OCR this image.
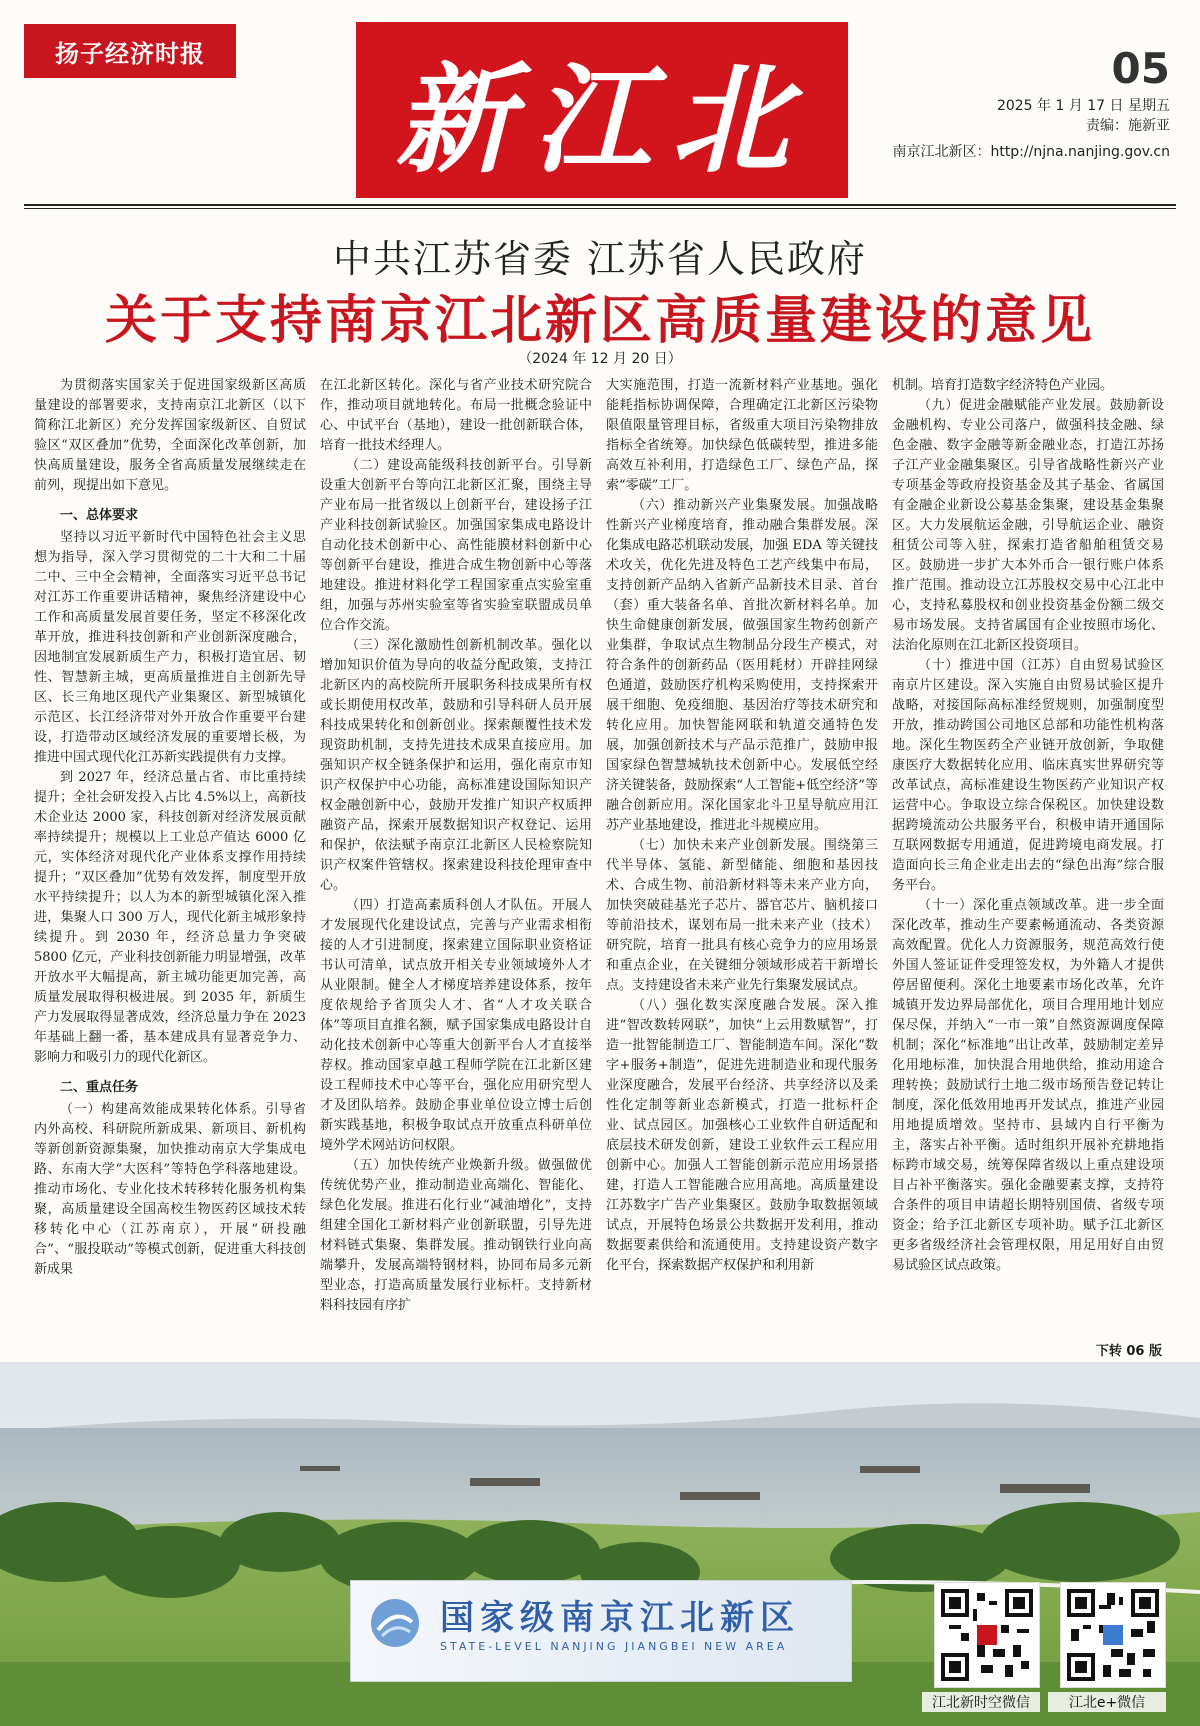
扬子经济时报	新江北	05
2025 年 1 月 17 日 星期五
责编：施新亚
南京江北新区：http://njna.nanjing.gov.cn
中共江苏省委 江苏省人民政府
关于支持南京江北新区高质量建设的意见
（2024 年 12 月 20 日）

为贯彻落实国家关于促进国家级新区高质量建设的部署要求，支持南京江北新区（以下简称江北新区）充分发挥国家级新区、自贸试验区“双区叠加”优势，全面深化改革创新，加快高质量建设，服务全省高质量发展继续走在前列，现提出如下意见。

一、总体要求

坚持以习近平新时代中国特色社会主义思想为指导，深入学习贯彻党的二十大和二十届二中、三中全会精神，全面落实习近平总书记对江苏工作重要讲话精神，聚焦经济建设中心工作和高质量发展首要任务，坚定不移深化改革开放，推进科技创新和产业创新深度融合，因地制宜发展新质生产力，积极打造宜居、韧性、智慧新主城，更高质量推进自主创新先导区、长三角地区现代产业集聚区、新型城镇化示范区、长江经济带对外开放合作重要平台建设，打造带动区域经济发展的重要增长极，为推进中国式现代化江苏新实践提供有力支撑。

到 2027 年，经济总量占省、市比重持续提升；全社会研发投入占比 4.5%以上，高新技术企业达 2000 家，科技创新对经济发展贡献率持续提升；规模以上工业总产值达 6000 亿元，实体经济对现代化产业体系支撑作用持续提升；“双区叠加”优势有效发挥，制度型开放水平持续提升；以人为本的新型城镇化深入推进，集聚人口 300 万人，现代化新主城形象持续提升。到 2030 年，经济总量力争突破 5800 亿元，产业科技创新能力明显增强，改革开放水平大幅提高，新主城功能更加完善，高质量发展取得积极进展。到 2035 年，新质生产力发展取得显著成效，经济总量力争在 2023 年基础上翻一番，基本建成具有显著竞争力、影响力和吸引力的现代化新区。

二、重点任务

（一）构建高效能成果转化体系。引导省内外高校、科研院所新成果、新项目、新机构等新创新资源集聚，加快推动南京大学集成电路、东南大学“大医科”等特色学科落地建设。推动市场化、专业化技术转移转化服务机构集聚，高质量建设全国高校生物医药区域技术转移转化中心（江苏南京），开展“研投融合”、“服投联动”等模式创新，促进重大科技创新成果

在江北新区转化。深化与省产业技术研究院合作，推动项目就地转化。布局一批概念验证中心、中试平台（基地），建设一批创新联合体，培育一批技术经理人。

（二）建设高能级科技创新平台。引导新设重大创新平台等向江北新区汇聚，围绕主导产业布局一批省级以上创新平台，建设扬子江产业科技创新试验区。加强国家集成电路设计自动化技术创新中心、高性能膜材料创新中心等创新平台建设，推进合成生物创新中心等落地建设。推进材料化学工程国家重点实验室重组，加强与苏州实验室等省实验室联盟成员单位合作交流。

（三）深化激励性创新机制改革。强化以增加知识价值为导向的收益分配政策，支持江北新区内的高校院所开展职务科技成果所有权或长期使用权改革，鼓励和引导科研人员开展科技成果转化和创新创业。探索颠覆性技术发现资助机制，支持先进技术成果直接应用。加强知识产权全链条保护和运用，强化南京市知识产权保护中心功能，高标准建设国际知识产权金融创新中心，鼓励开发推广知识产权质押融资产品，探索开展数据知识产权登记、运用和保护，依法赋予南京江北新区人民检察院知识产权案件管辖权。探索建设科技伦理审查中心。

（四）打造高素质科创人才队伍。开展人才发展现代化建设试点，完善与产业需求相衔接的人才引进制度，探索建立国际职业资格证书认可清单，试点放开相关专业领域境外人才从业限制。健全人才梯度培养建设体系，按年度依规给予省顶尖人才、省“人才攻关联合体”等项目直推名额，赋予国家集成电路设计自动化技术创新中心等重大创新平台人才直接举荐权。推动国家卓越工程师学院在江北新区建设工程师技术中心等平台，强化应用研究型人才及团队培养。鼓励企事业单位设立博士后创新实践基地，积极争取试点开放重点科研单位境外学术网站访问权限。

（五）加快传统产业焕新升级。做强做优传统优势产业，推动制造业高端化、智能化、绿色化发展。推进石化行业“减油增化”，支持组建全国化工新材料产业创新联盟，引导先进材料链式集聚、集群发展。推动钢铁行业向高端攀升，发展高端特钢材料，协同布局多元新型业态，打造高质量发展行业标杆。支持新材料科技园有序扩

大实施范围，打造一流新材料产业基地。强化能耗指标协调保障，合理确定江北新区污染物限值限量管理目标，省级重大项目污染物排放指标全省统筹。加快绿色低碳转型，推进多能高效互补利用，打造绿色工厂、绿色产品，探索“零碳”工厂。

（六）推动新兴产业集聚发展。加强战略性新兴产业梯度培育，推动融合集群发展。深化集成电路芯机联动发展，加强 EDA 等关键技术攻关，优化先进及特色工艺产线集中布局，支持创新产品纳入省新产品新技术目录、首台（套）重大装备名单、首批次新材料名单。加快生命健康创新发展，做强国家生物药创新产业集群，争取试点生物制品分段生产模式，对符合条件的创新药品（医用耗材）开辟挂网绿色通道，鼓励医疗机构采购使用，支持探索开展干细胞、免疫细胞、基因治疗等技术研究和转化应用。加快智能网联和轨道交通特色发展，加强创新技术与产品示范推广，鼓励申报国家绿色智慧城轨技术创新中心。发展低空经济关键装备，鼓励探索“人工智能+低空经济”等融合创新应用。深化国家北斗卫星导航应用江苏产业基地建设，推进北斗规模应用。

（七）加快未来产业创新发展。围绕第三代半导体、氢能、新型储能、细胞和基因技术、合成生物、前沿新材料等未来产业方向，加快突破硅基光子芯片、器官芯片、脑机接口等前沿技术，谋划布局一批未来产业（技术）研究院，培育一批具有核心竞争力的应用场景和重点企业，在关键细分领域形成若干新增长点。支持建设省未来产业先行集聚发展试点。

（八）强化数实深度融合发展。深入推进“智改数转网联”，加快“上云用数赋智”，打造一批智能制造工厂、智能制造车间。深化“数字+服务+制造”，促进先进制造业和现代服务业深度融合，发展平台经济、共享经济以及柔性化定制等新业态新模式，打造一批标杆企业、试点园区。加强核心工业软件自研适配和底层技术研发创新，建设工业软件云工程应用创新中心。加强人工智能创新示范应用场景搭建，打造人工智能融合应用高地。高质量建设江苏数字广告产业集聚区。鼓励争取数据领域试点，开展特色场景公共数据开发利用，推动数据要素供给和流通使用。支持建设资产数字化平台，探索数据产权保护和利用新

机制。培育打造数字经济特色产业园。

（九）促进金融赋能产业发展。鼓励新设金融机构、专业公司落户，做强科技金融、绿色金融、数字金融等新金融业态，打造江苏扬子江产业金融集聚区。引导省战略性新兴产业专项基金等政府投资基金及其子基金、省属国有金融企业新设公募基金集聚，建设基金集聚区。大力发展航运金融，引导航运企业、融资租赁公司等入驻，探索打造省船舶租赁交易区。鼓励进一步扩大本外币合一银行账户体系推广范围。推动设立江苏股权交易中心江北中心，支持私募股权和创业投资基金份额二级交易市场发展。支持省属国有企业按照市场化、法治化原则在江北新区投资项目。

（十）推进中国（江苏）自由贸易试验区南京片区建设。深入实施自由贸易试验区提升战略，对接国际高标准经贸规则，加强制度型开放，推动跨国公司地区总部和功能性机构落地。深化生物医药全产业链开放创新，争取健康医疗大数据转化应用、临床真实世界研究等改革试点，高标准建设生物医药产业知识产权运营中心。争取设立综合保税区。加快建设数据跨境流动公共服务平台，积极申请开通国际互联网数据专用通道，促进跨境电商发展。打造面向长三角企业走出去的“绿色出海”综合服务平台。

（十一）深化重点领域改革。进一步全面深化改革，推动生产要素畅通流动、各类资源高效配置。优化人力资源服务，规范高效行使外国人签证证件受理签发权，为外籍人才提供停居留便利。深化土地要素市场化改革，允许城镇开发边界局部优化，项目合理用地计划应保尽保，并纳入“一市一策”自然资源调度保障机制；深化“标准地”出让改革，鼓励制定差异化用地标准，加快混合用地供给，推动用途合理转换；鼓励试行土地二级市场预告登记转让制度，深化低效用地再开发试点，推进产业园用地提质增效。坚持市、县域内自行平衡为主，落实占补平衡。适时组织开展补充耕地指标跨市域交易，统筹保障省级以上重点建设项目占补平衡落实。强化金融要素支撑，支持符合条件的项目申请超长期特别国债、省级专项资金；给予江北新区专项补助。赋予江北新区更多省级经济社会管理权限，用足用好自由贸易试验区试点政策。

下转 06 版
国家级南京江北新区
STATE-LEVEL NANJING JIANGBEI NEW AREA
江北新时空微信	江北e+微信
